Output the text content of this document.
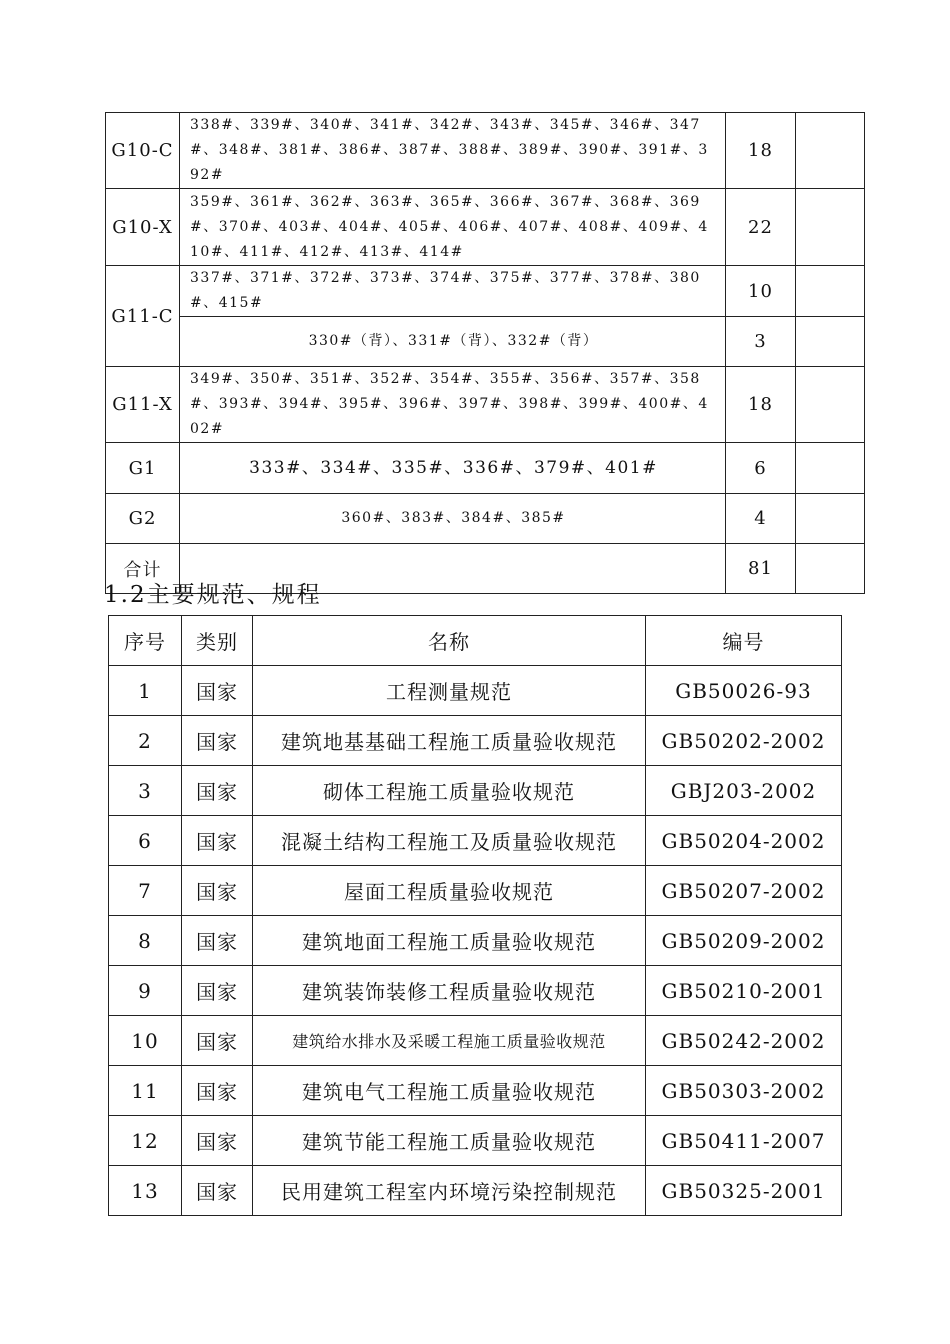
G10-C	338#、339#、340#、341#、342#、343#、345#、346#、347#、348#、381#、386#、387#、388#、389#、390#、391#、392#	18	
G10-X	359#、361#、362#、363#、365#、366#、367#、368#、369#、370#、403#、404#、405#、406#、407#、408#、409#、410#、411#、412#、413#、414#	22	
G11-C	337#、371#、372#、373#、374#、375#、377#、378#、380#、415#	10	
	330#（背）、331#（背）、332#（背）	3	
G11-X	349#、350#、351#、352#、354#、355#、356#、357#、358#、393#、394#、395#、396#、397#、398#、399#、400#、402#	18	
G1	333#、334#、335#、336#、379#、401#	6	
G2	360#、383#、384#、385#	4	
合计		81	
1.2主要规范、规程
序号	类别	名称	编号
1	国家	工程测量规范	GB50026-93
2	国家	建筑地基基础工程施工质量验收规范	GB50202-2002
3	国家	砌体工程施工质量验收规范	GBJ203-2002
6	国家	混凝土结构工程施工及质量验收规范	GB50204-2002
7	国家	屋面工程质量验收规范	GB50207-2002
8	国家	建筑地面工程施工质量验收规范	GB50209-2002
9	国家	建筑装饰装修工程质量验收规范	GB50210-2001
10	国家	建筑给水排水及采暖工程施工质量验收规范	GB50242-2002
11	国家	建筑电气工程施工质量验收规范	GB50303-2002
12	国家	建筑节能工程施工质量验收规范	GB50411-2007
13	国家	民用建筑工程室内环境污染控制规范	GB50325-2001
